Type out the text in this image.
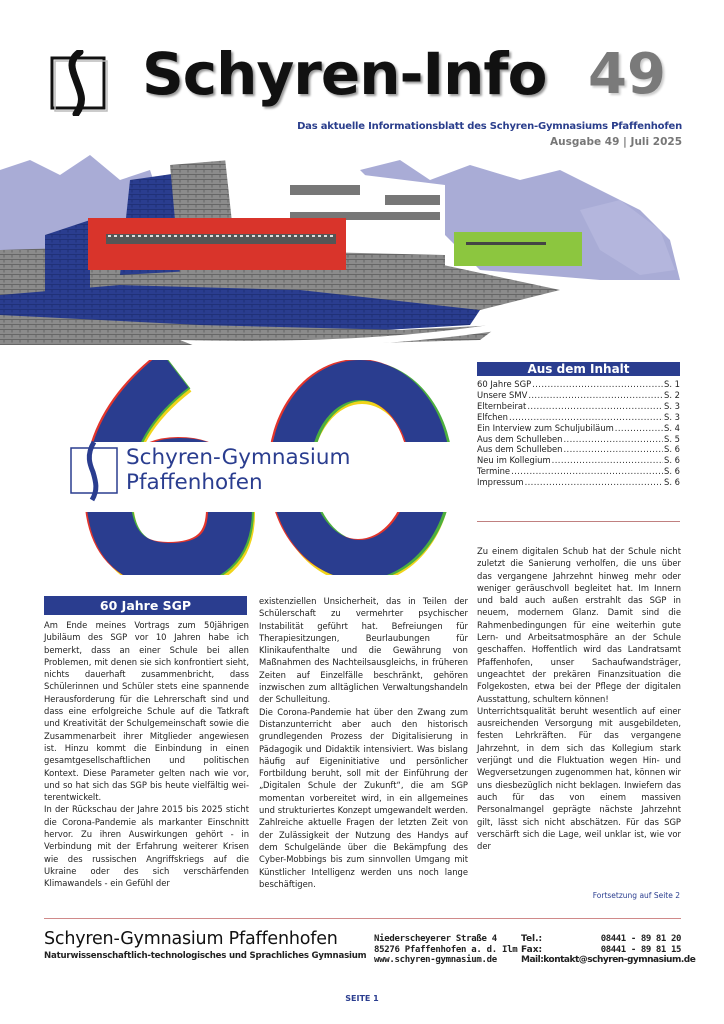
Schyren-Info 49
Das aktuelle Informationsblatt des Schyren-Gymnasiums Pfaffenhofen
Ausgabe 49 | Juli 2025
Schyren-Gymnasium
Pfaffenhofen
Aus dem Inhalt
60 Jahre SGP .....	S. 1
Unsere SMV .....	S. 2
Elternbeirat .....	S. 3
Elfchen .....	S. 3
Ein Interview zum Schuljubiläum .....	S. 4
Aus dem Schulleben .....	S. 5
Aus dem Schulleben .....	S. 6
Neu im Kollegium .....	S. 6
Termine .....	S. 6
Impressum .....	S. 6
60 Jahre SGP

Am Ende meines Vortrags zum 50jährigen Jubiläum des SGP vor 10 Jahren habe ich bemerkt, dass an einer Schule bei allen Problemen, mit denen sie sich konfrontiert sieht, nichts dauerhaft zusammenbricht, dass Schülerinnen und Schüler stets eine spannende Herausforderung für die Lehrerschaft sind und dass eine erfolgreiche Schule auf die Tatkraft und Kreativität der Schulgemeinschaft sowie die Zusammenarbeit ihrer Mitglieder angewiesen ist. Hinzu kommt die Einbindung in einen gesamtgesellschaftlichen und politischen Kontext. Diese Parameter gelten nach wie vor, und so hat sich das SGP bis heute vielfältig weiterentwickelt.

In der Rückschau der Jahre 2015 bis 2025 sticht die Corona-Pandemie als markanter Einschnitt hervor. Zu ihren Auswirkungen gehört - in Verbindung mit der Erfahrung weiterer Krisen wie des russischen Angriffskriegs auf die Ukraine oder des sich verschärfenden Klimawandels - ein Gefühl der

existenziellen Unsicherheit, das in Teilen der Schülerschaft zu vermehrter psychischer Instabilität geführt hat. Befreiungen für Therapiesitzungen, Beurlaubungen für Klinikaufenthalte und die Gewährung von Maßnahmen des Nachteilsausgleichs, in früheren Zeiten auf Einzelfälle beschränkt, gehören inzwischen zum alltäglichen Verwaltungshandeln der Schulleitung.

Die Corona-Pandemie hat über den Zwang zum Distanzunterricht aber auch den historisch grundlegenden Prozess der Digitalisierung in Pädagogik und Didaktik intensiviert. Was bislang häufig auf Eigeninitiative und persönlicher Fortbildung beruht, soll mit der Einführung der „Digitalen Schule der Zukunft“, die am SGP momentan vorbereitet wird, in ein allgemeines und strukturiertes Konzept umgewandelt werden. Zahlreiche aktuelle Fragen der letzten Zeit von der Zulässigkeit der Nutzung des Handys auf dem Schulgelände über die Bekämpfung des Cyber-Mobbings bis zum sinnvollen Umgang mit Künstlicher Intelligenz werden uns noch lange beschäftigen.

Zu einem digitalen Schub hat der Schule nicht zuletzt die Sanierung verholfen, die uns über das vergangene Jahrzehnt hinweg mehr oder weniger geräuschvoll begleitet hat. Im Innern und bald auch außen erstrahlt das SGP in neuem, modernem Glanz. Damit sind die Rahmenbedingungen für eine weiterhin gute Lern- und Arbeitsatmosphäre an der Schule geschaffen. Hoffentlich wird das Landratsamt Pfaffenhofen, unser Sachaufwandsträger, ungeachtet der prekären Finanzsituation die Folgekosten, etwa bei der Pflege der digitalen Ausstattung, schultern können!

Unterrichtsqualität beruht wesentlich auf einer ausreichenden Versorgung mit ausgebildeten, festen Lehrkräften. Für das vergangene Jahrzehnt, in dem sich das Kollegium stark verjüngt und die Fluktuation wegen Hin- und Wegversetzungen zugenommen hat, können wir uns diesbezüglich nicht beklagen. Inwiefern das auch für das von einem massiven Personalmangel geprägte nächste Jahrzehnt gilt, lässt sich nicht abschätzen. Für das SGP verschärft sich die Lage, weil unklar ist, wie vor der

Fortsetzung auf Seite 2
Schyren-Gymnasium Pfaffenhofen
Naturwissenschaftlich-technologisches und Sprachliches Gymnasium
Niederscheyerer Straße 4
85276 Pfaffenhofen a. d. Ilm
www.schyren-gymnasium.de
Tel.:	08441 - 89 81 20
Fax:	08441 - 89 81 15
Mail:kontakt@schyren-gymnasium.de
SEITE 1
